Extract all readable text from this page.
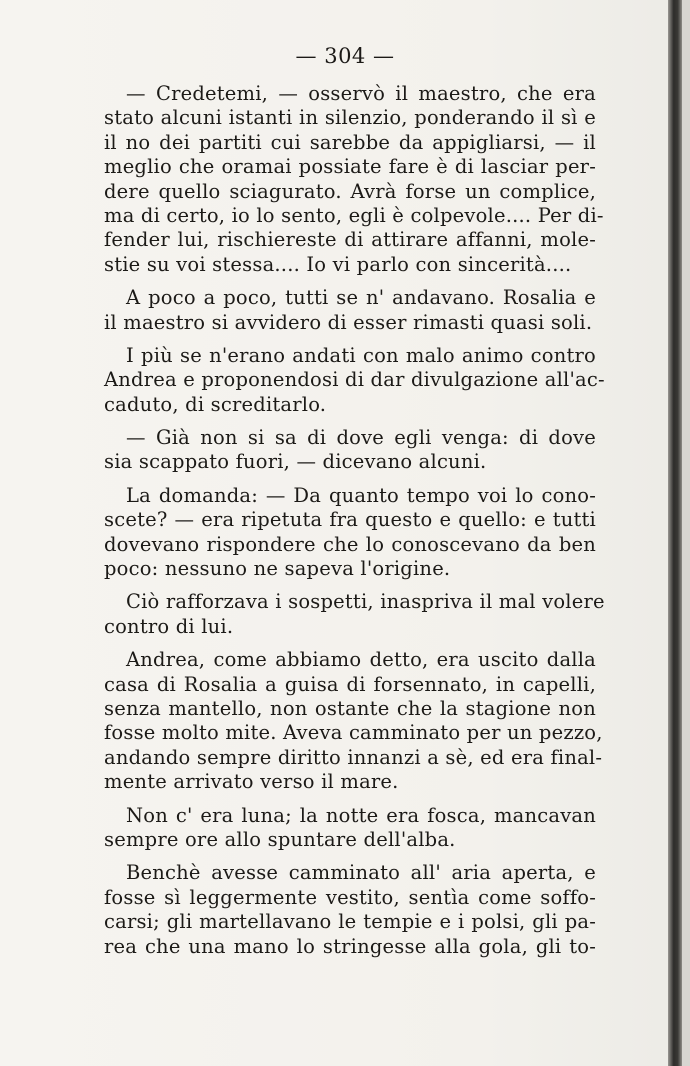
— 304 —
— Credetemi, — osservò il maestro, che era
stato alcuni istanti in silenzio, ponderando il sì e
il no dei partiti cui sarebbe da appigliarsi, — il
meglio che oramai possiate fare è di lasciar per-
dere quello sciagurato. Avrà forse un complice,
ma di certo, io lo sento, egli è colpevole.... Per di-
fender lui, rischiereste di attirare affanni, mole-
stie su voi stessa.... Io vi parlo con sincerità....
A poco a poco, tutti se n' andavano. Rosalia e
il maestro si avvidero di esser rimasti quasi soli.
I più se n'erano andati con malo animo contro
Andrea e proponendosi di dar divulgazione all'ac-
caduto, di screditarlo.
— Già non si sa di dove egli venga: di dove
sia scappato fuori, — dicevano alcuni.
La domanda: — Da quanto tempo voi lo cono-
scete? — era ripetuta fra questo e quello: e tutti
dovevano rispondere che lo conoscevano da ben
poco: nessuno ne sapeva l'origine.
Ciò rafforzava i sospetti, inaspriva il mal volere
contro di lui.
Andrea, come abbiamo detto, era uscito dalla
casa di Rosalia a guisa di forsennato, in capelli,
senza mantello, non ostante che la stagione non
fosse molto mite. Aveva camminato per un pezzo,
andando sempre diritto innanzi a sè, ed era final-
mente arrivato verso il mare.
Non c' era luna; la notte era fosca, mancavan
sempre ore allo spuntare dell'alba.
Benchè avesse camminato all' aria aperta, e
fosse sì leggermente vestito, sentìa come soffo-
carsi; gli martellavano le tempie e i polsi, gli pa-
rea che una mano lo stringesse alla gola, gli to-
